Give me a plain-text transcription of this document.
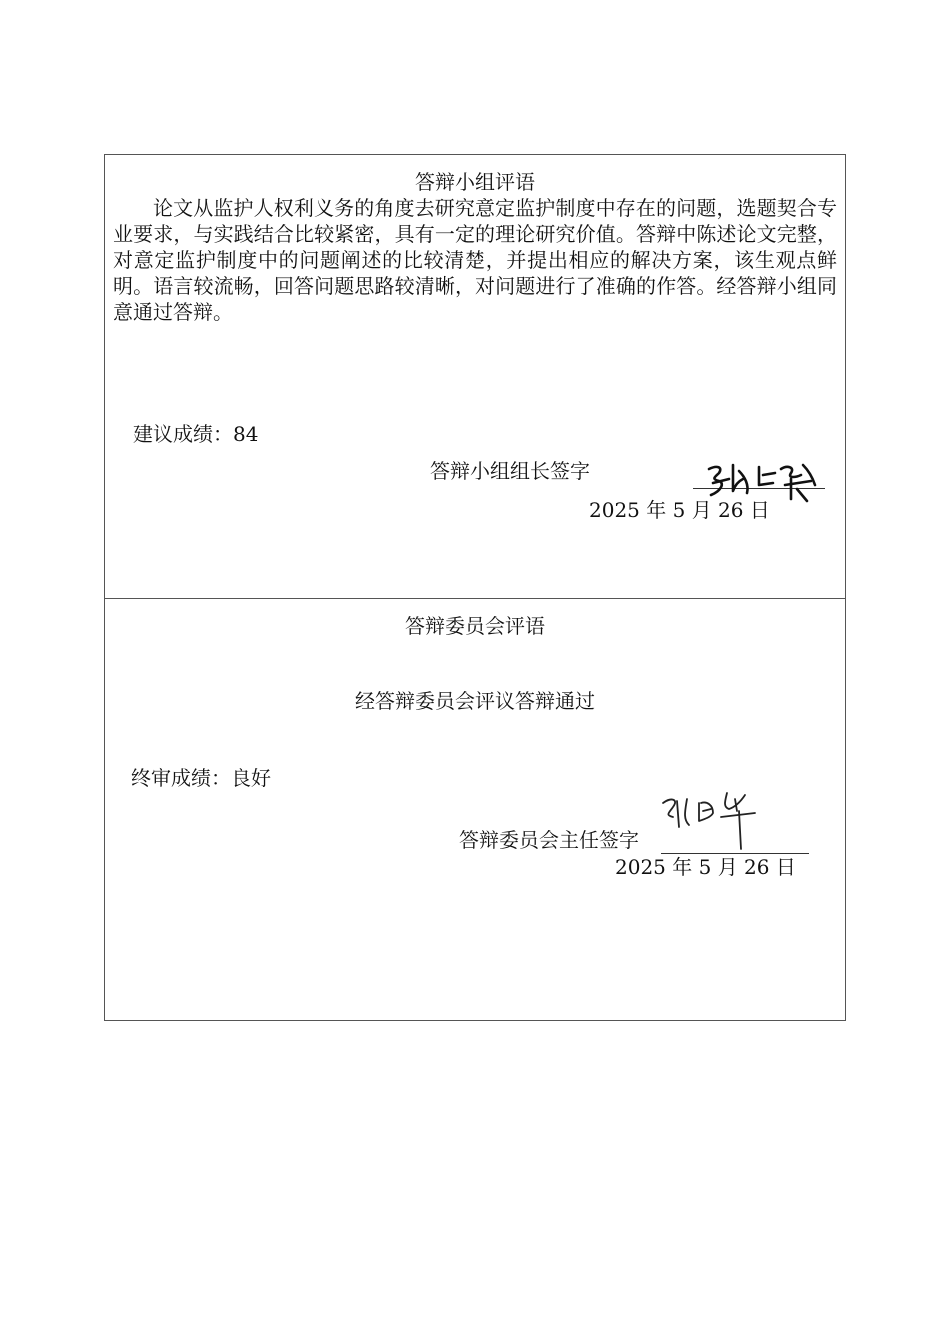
答辩小组评语
论文从监护人权利义务的角度去研究意定监护制度中存在的问题，选题契合专业要求，与实践结合比较紧密，具有一定的理论研究价值。答辩中陈述论文完整，对意定监护制度中的问题阐述的比较清楚，并提出相应的解决方案，该生观点鲜明。语言较流畅，回答问题思路较清晰，对问题进行了准确的作答。经答辩小组同意通过答辩。
建议成绩：84
答辩小组组长签字
2025 年 5 月 26 日
答辩委员会评语
经答辩委员会评议答辩通过
终审成绩：良好
答辩委员会主任签字
2025 年 5 月 26 日
